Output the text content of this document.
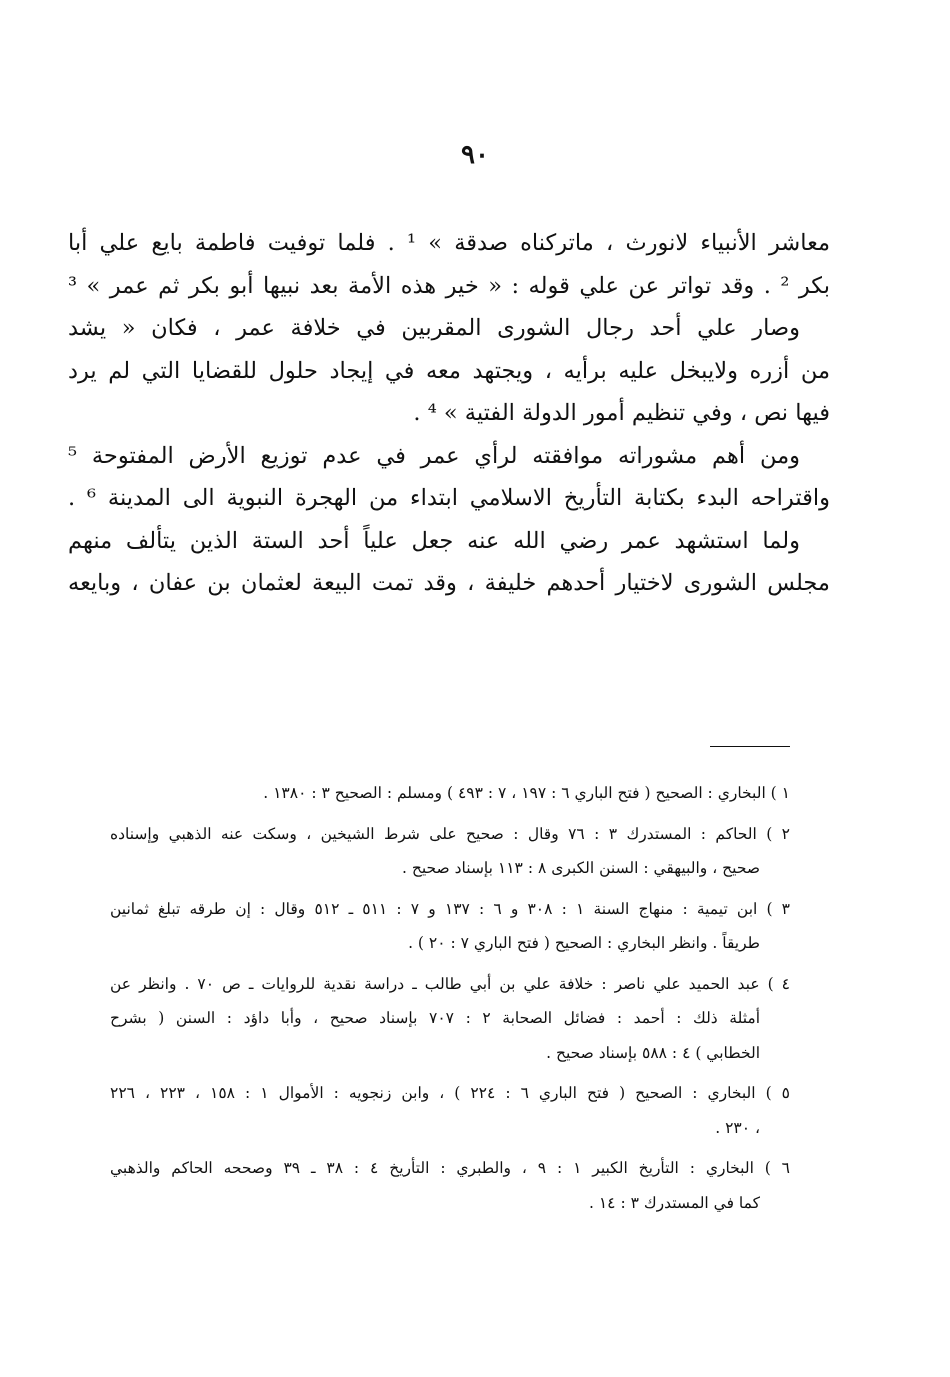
٩٠
معاشر الأنبياء لانورث ، ماتركناه صدقة » ¹ . فلما توفيت فاطمة بايع علي أبا
بكر ² . وقد تواتر عن علي قوله : « خير هذه الأمة بعد نبيها أبو بكر ثم عمر » ³
وصار علي أحد رجال الشورى المقربين في خلافة عمر ، فكان « يشد
من أزره ولايبخل عليه برأيه ، ويجتهد معه في إيجاد حلول للقضايا التي لم يرد
فيها نص ، وفي تنظيم أمور الدولة الفتية » ⁴ .
ومن أهم مشوراته موافقته لرأي عمر في عدم توزيع الأرض المفتوحة ⁵
واقتراحه البدء بكتابة التأريخ الاسلامي ابتداء من الهجرة النبوية الى المدينة ⁶ .
ولما استشهد عمر رضي الله عنه جعل علياً أحد الستة الذين يتألف منهم
مجلس الشورى لاختيار أحدهم خليفة ، وقد تمت البيعة لعثمان بن عفان ، وبايعه
١ ) البخاري : الصحيح ( فتح الباري ٦ : ١٩٧ ، ٧ : ٤٩٣ ) ومسلم : الصحيح ٣ : ١٣٨٠ .
٢ ) الحاكم : المستدرك ٣ : ٧٦ وقال : صحيح على شرط الشيخين ، وسكت عنه الذهبي وإسناده
صحيح ، والبيهقي : السنن الكبرى ٨ : ١١٣ بإسناد صحيح .
٣ ) ابن تيمية : منهاج السنة ١ : ٣٠٨ و ٦ : ١٣٧ و ٧ : ٥١١ ـ ٥١٢ وقال : إن طرقه تبلغ ثمانين
طريقاً . وانظر البخاري : الصحيح ( فتح الباري ٧ : ٢٠ ) .
٤ ) عبد الحميد علي ناصر : خلافة علي بن أبي طالب ـ دراسة نقدية للروايات ـ ص ٧٠ . وانظر عن
أمثلة ذلك : أحمد : فضائل الصحابة ٢ : ٧٠٧ بإسناد صحيح ، وأبا داؤد : السنن ( بشرح
الخطابي ) ٤ : ٥٨٨ بإسناد صحيح .
٥ ) البخاري : الصحيح ( فتح الباري ٦ : ٢٢٤ ) ، وابن زنجويه : الأموال ١ : ١٥٨ ، ٢٢٣ ، ٢٢٦
، ٢٣٠ .
٦ ) البخاري : التأريخ الكبير ١ : ٩ ، والطبري : التأريخ ٤ : ٣٨ ـ ٣٩ وصححه الحاكم والذهبي
كما في المستدرك ٣ : ١٤ .
